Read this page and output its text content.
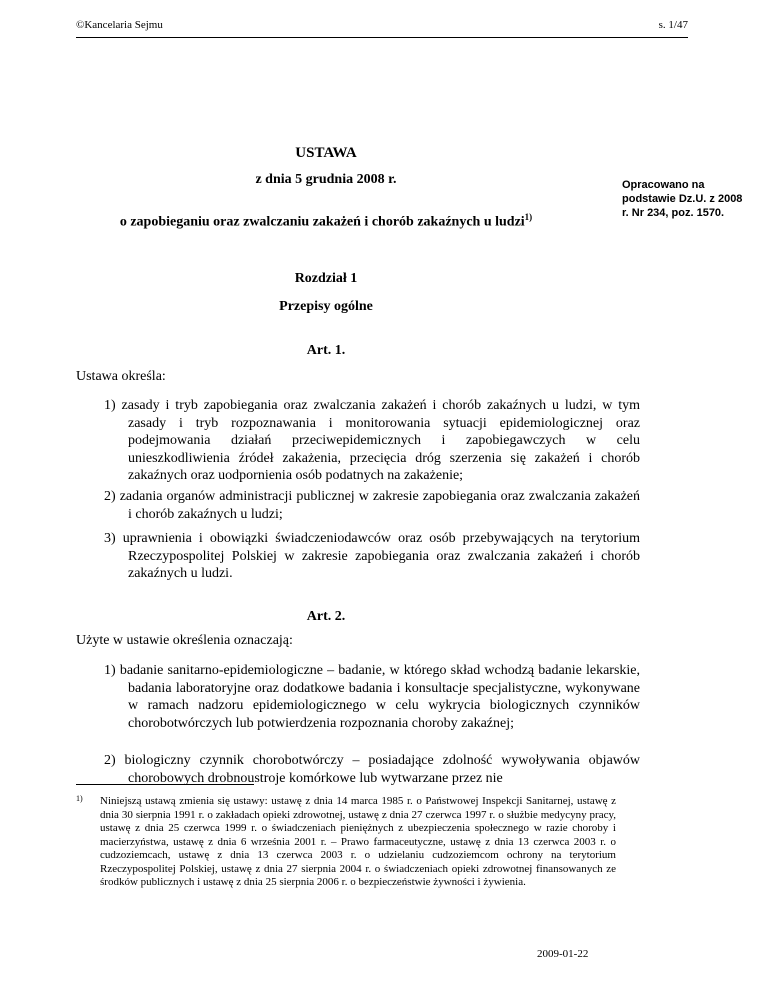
©Kancelaria Sejmu	s. 1/47
USTAWA
z dnia 5 grudnia 2008 r.
o zapobieganiu oraz zwalczaniu zakażeń i chorób zakaźnych u ludzi$^{1)}$
Opracowano na podstawie Dz.U. z 2008 r. Nr 234, poz. 1570.
Rozdział 1
Przepisy ogólne
Art. 1.
Ustawa określa:
1) zasady i tryb zapobiegania oraz zwalczania zakażeń i chorób zakaźnych u ludzi, w tym zasady i tryb rozpoznawania i monitorowania sytuacji epidemiologicznej oraz podejmowania działań przeciwepidemicznych i zapobiegawczych w celu unieszkodliwienia źródeł zakażenia, przecięcia dróg szerzenia się zakażeń i chorób zakaźnych oraz uodpornienia osób podatnych na zakażenie;
2) zadania organów administracji publicznej w zakresie zapobiegania oraz zwalczania zakażeń i chorób zakaźnych u ludzi;
3) uprawnienia i obowiązki świadczeniodawców oraz osób przebywających na terytorium Rzeczypospolitej Polskiej w zakresie zapobiegania oraz zwalczania zakażeń i chorób zakaźnych u ludzi.
Art. 2.
Użyte w ustawie określenia oznaczają:
1) badanie sanitarno-epidemiologiczne – badanie, w którego skład wchodzą badanie lekarskie, badania laboratoryjne oraz dodatkowe badania i konsultacje specjalistyczne, wykonywane w ramach nadzoru epidemiologicznego w celu wykrycia biologicznych czynników chorobotwórczych lub potwierdzenia rozpoznania choroby zakaźnej;
2) biologiczny czynnik chorobotwórczy – posiadające zdolność wywoływania objawów chorobowych drobnoustroje komórkowe lub wytwarzane przez nie
1) Niniejszą ustawą zmienia się ustawy: ustawę z dnia 14 marca 1985 r. o Państwowej Inspekcji Sanitarnej, ustawę z dnia 30 sierpnia 1991 r. o zakładach opieki zdrowotnej, ustawę z dnia 27 czerwca 1997 r. o służbie medycyny pracy, ustawę z dnia 25 czerwca 1999 r. o świadczeniach pieniężnych z ubezpieczenia społecznego w razie choroby i macierzyństwa, ustawę z dnia 6 września 2001 r. – Prawo farmaceutyczne, ustawę z dnia 13 czerwca 2003 r. o cudzoziemcach, ustawę z dnia 13 czerwca 2003 r. o udzielaniu cudzoziemcom ochrony na terytorium Rzeczypospolitej Polskiej, ustawę z dnia 27 sierpnia 2004 r. o świadczeniach opieki zdrowotnej finansowanych ze środków publicznych i ustawę z dnia 25 sierpnia 2006 r. o bezpieczeństwie żywności i żywienia.
2009-01-22
